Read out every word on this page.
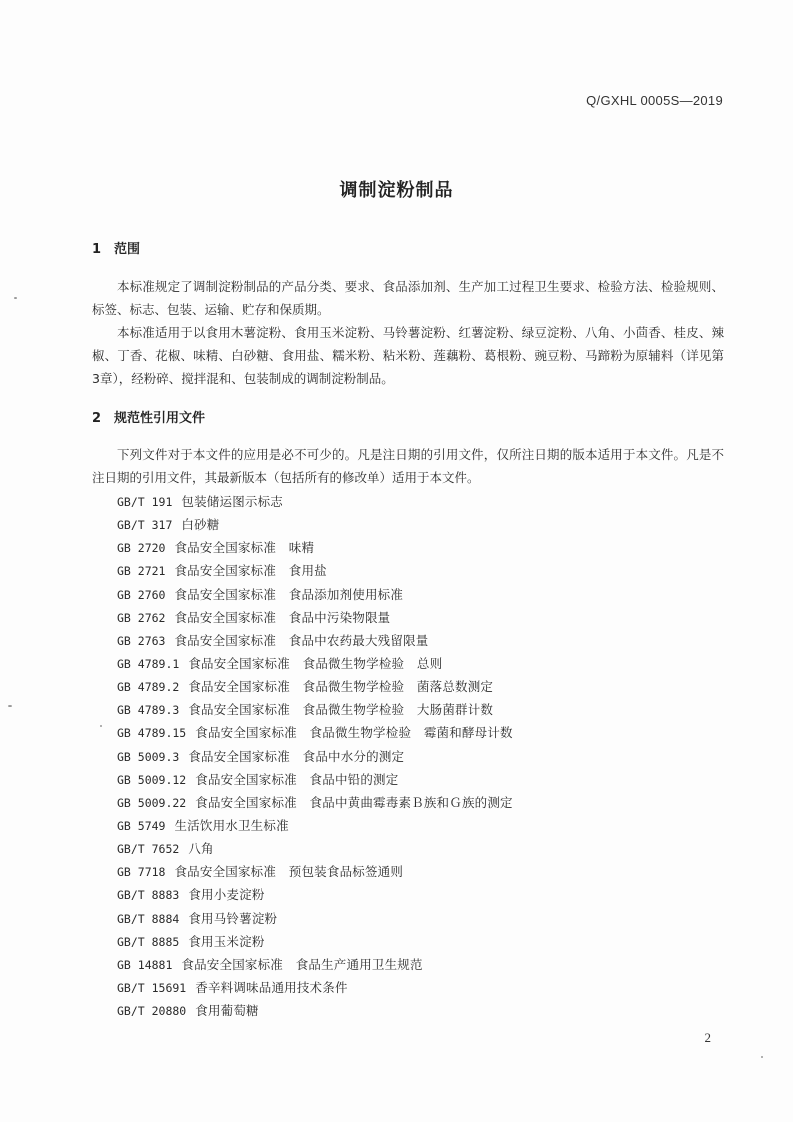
Q/GXHL 0005S—2019
调制淀粉制品
1 范围
本标准规定了调制淀粉制品的产品分类、要求、食品添加剂、生产加工过程卫生要求、检验方法、检验规则、标签、标志、包装、运输、贮存和保质期。
本标准适用于以食用木薯淀粉、食用玉米淀粉、马铃薯淀粉、红薯淀粉、绿豆淀粉、八角、小茴香、桂皮、辣椒、丁香、花椒、味精、白砂糖、食用盐、糯米粉、粘米粉、莲藕粉、葛根粉、豌豆粉、马蹄粉为原辅料（详见第3章），经粉碎、搅拌混和、包装制成的调制淀粉制品。
2 规范性引用文件
下列文件对于本文件的应用是必不可少的。凡是注日期的引用文件，仅所注日期的版本适用于本文件。凡是不注日期的引用文件，其最新版本（包括所有的修改单）适用于本文件。
GB/T 191 包装储运图示标志
GB/T 317 白砂糖
GB 2720 食品安全国家标准　味精
GB 2721 食品安全国家标准　食用盐
GB 2760 食品安全国家标准　食品添加剂使用标准
GB 2762 食品安全国家标准　食品中污染物限量
GB 2763 食品安全国家标准　食品中农药最大残留限量
GB 4789.1 食品安全国家标准　食品微生物学检验　总则
GB 4789.2 食品安全国家标准　食品微生物学检验　菌落总数测定
GB 4789.3 食品安全国家标准　食品微生物学检验　大肠菌群计数
GB 4789.15 食品安全国家标准　食品微生物学检验　霉菌和酵母计数
GB 5009.3 食品安全国家标准　食品中水分的测定
GB 5009.12 食品安全国家标准　食品中铅的测定
GB 5009.22 食品安全国家标准　食品中黄曲霉毒素Ｂ族和Ｇ族的测定
GB 5749 生活饮用水卫生标准
GB/T 7652 八角
GB 7718 食品安全国家标准　预包装食品标签通则
GB/T 8883 食用小麦淀粉
GB/T 8884 食用马铃薯淀粉
GB/T 8885 食用玉米淀粉
GB 14881 食品安全国家标准　食品生产通用卫生规范
GB/T 15691 香辛料调味品通用技术条件
GB/T 20880 食用葡萄糖
2
